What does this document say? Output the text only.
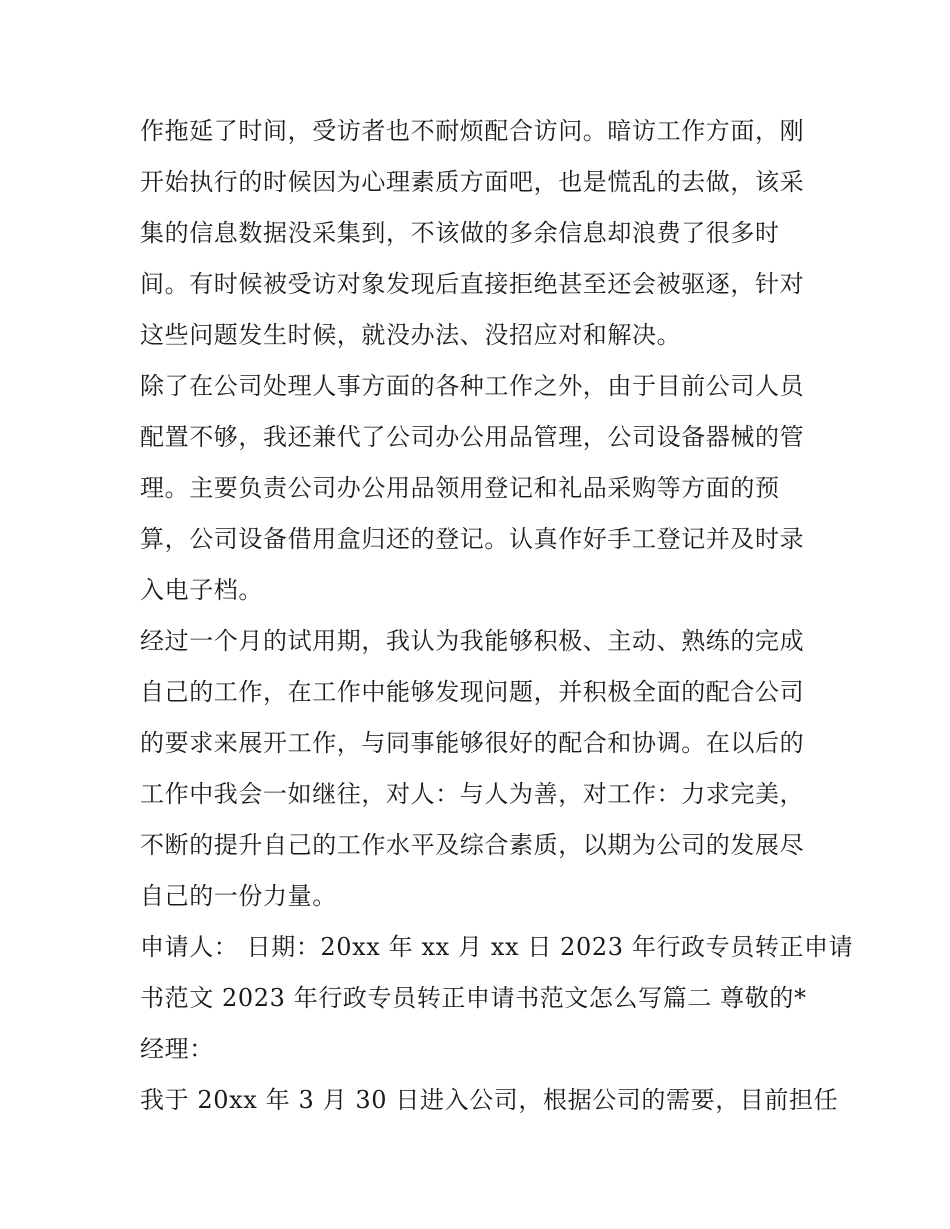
作拖延了时间，受访者也不耐烦配合访问。暗访工作方面，刚
开始执行的时候因为心理素质方面吧，也是慌乱的去做，该采
集的信息数据没采集到，不该做的多余信息却浪费了很多时
间。有时候被受访对象发现后直接拒绝甚至还会被驱逐，针对
这些问题发生时候，就没办法、没招应对和解决。
除了在公司处理人事方面的各种工作之外，由于目前公司人员
配置不够，我还兼代了公司办公用品管理，公司设备器械的管
理。主要负责公司办公用品领用登记和礼品采购等方面的预
算，公司设备借用盒归还的登记。认真作好手工登记并及时录
入电子档。
经过一个月的试用期，我认为我能够积极、主动、熟练的完成
自己的工作，在工作中能够发现问题，并积极全面的配合公司
的要求来展开工作，与同事能够很好的配合和协调。在以后的
工作中我会一如继往，对人：与人为善，对工作：力求完美，
不断的提升自己的工作水平及综合素质，以期为公司的发展尽
自己的一份力量。
申请人： 日期：20xx 年 xx 月 xx 日 2023 年行政专员转正申请
书范文 2023 年行政专员转正申请书范文怎么写篇二 尊敬的*
经理：
我于 20xx 年 3 月 30 日进入公司，根据公司的需要，目前担任
